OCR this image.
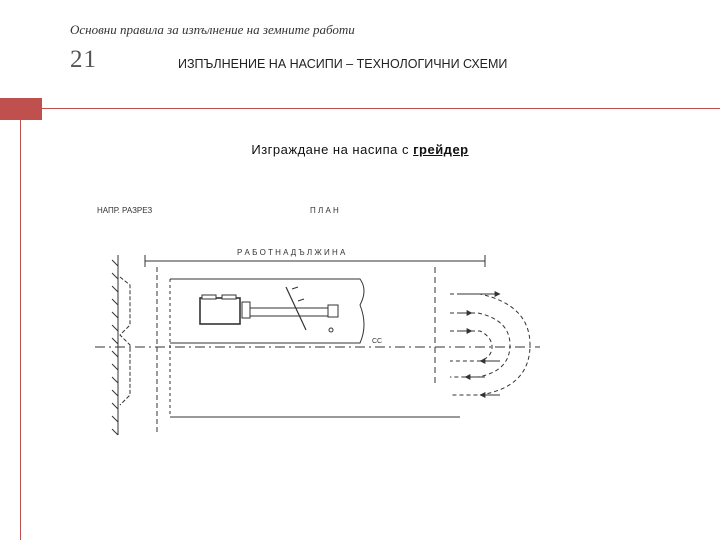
Основни правила за изпълнение на земните работи
21	ИЗПЪЛНЕНИЕ НА НАСИПИ – ТЕХНОЛОГИЧНИ СХЕМИ
Изграждане на насипа с грейдер
НАПР. РАЗРЕЗ	П Л А Н
Р А Б О Т Н А Д Ъ Л Ж И Н А
СС
